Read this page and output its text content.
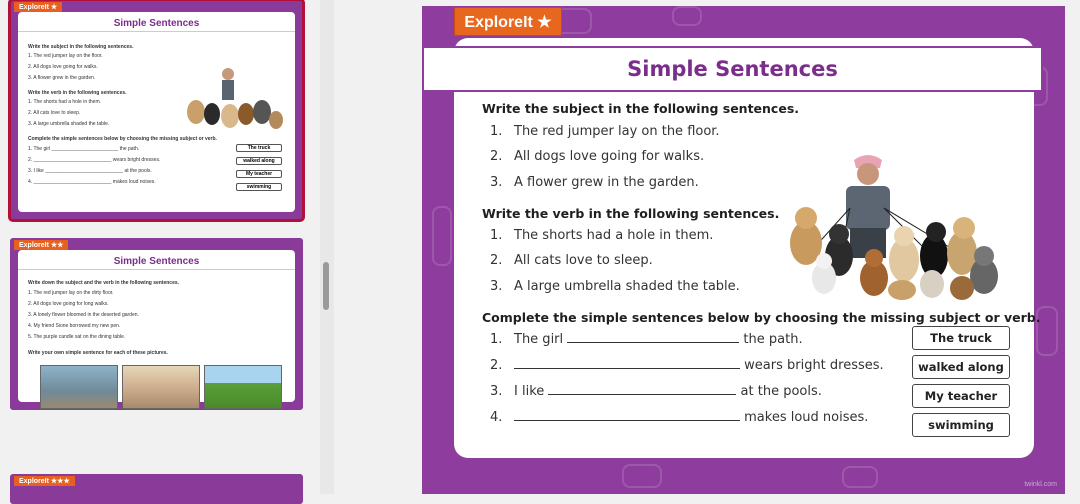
ExploreIt ★
Simple Sentences
Write the subject in the following sentences.
1. The red jumper lay on the floor.
2. All dogs love going for walks.
3. A flower grew in the garden.
Write the verb in the following sentences.
1. The shorts had a hole in them.
2. All cats love to sleep.
3. A large umbrella shaded the table.
Complete the simple sentences below by choosing the missing subject or verb.
1. The girl ________________________ the path.
2. ____________________________ wears bright dresses.
3. I like ____________________________ at the pools.
4. ____________________________ makes loud noises.
The truck
walked along
My teacher
swimming
ExploreIt ★★
Simple Sentences
Write down the subject and the verb in the following sentences.
1. The red jumper lay on the dirty floor.
2. All dogs love going for long walks.
3. A lonely flower bloomed in the deserted garden.
4. My friend Sione borrowed my new pen.
5. The purple candle sat on the dining table.
Write your own simple sentence for each of these pictures.
ExploreIt ★★★
Write the subject in the following sentences.
1. The red jumper lay on the floor.
2. All dogs love going for walks.
3. A flower grew in the garden.
Write the verb in the following sentences.
1. The shorts had a hole in them.
2. All cats love to sleep.
3. A large umbrella shaded the table.
Complete the simple sentences below by choosing the missing subject or verb.
1. The girl	the path.
2.	wears bright dresses.
3. I like	at the pools.
4.	makes loud noises.
The truck
walked along
My teacher
swimming
Simple Sentences
ExploreIt ★
twinkl.com
